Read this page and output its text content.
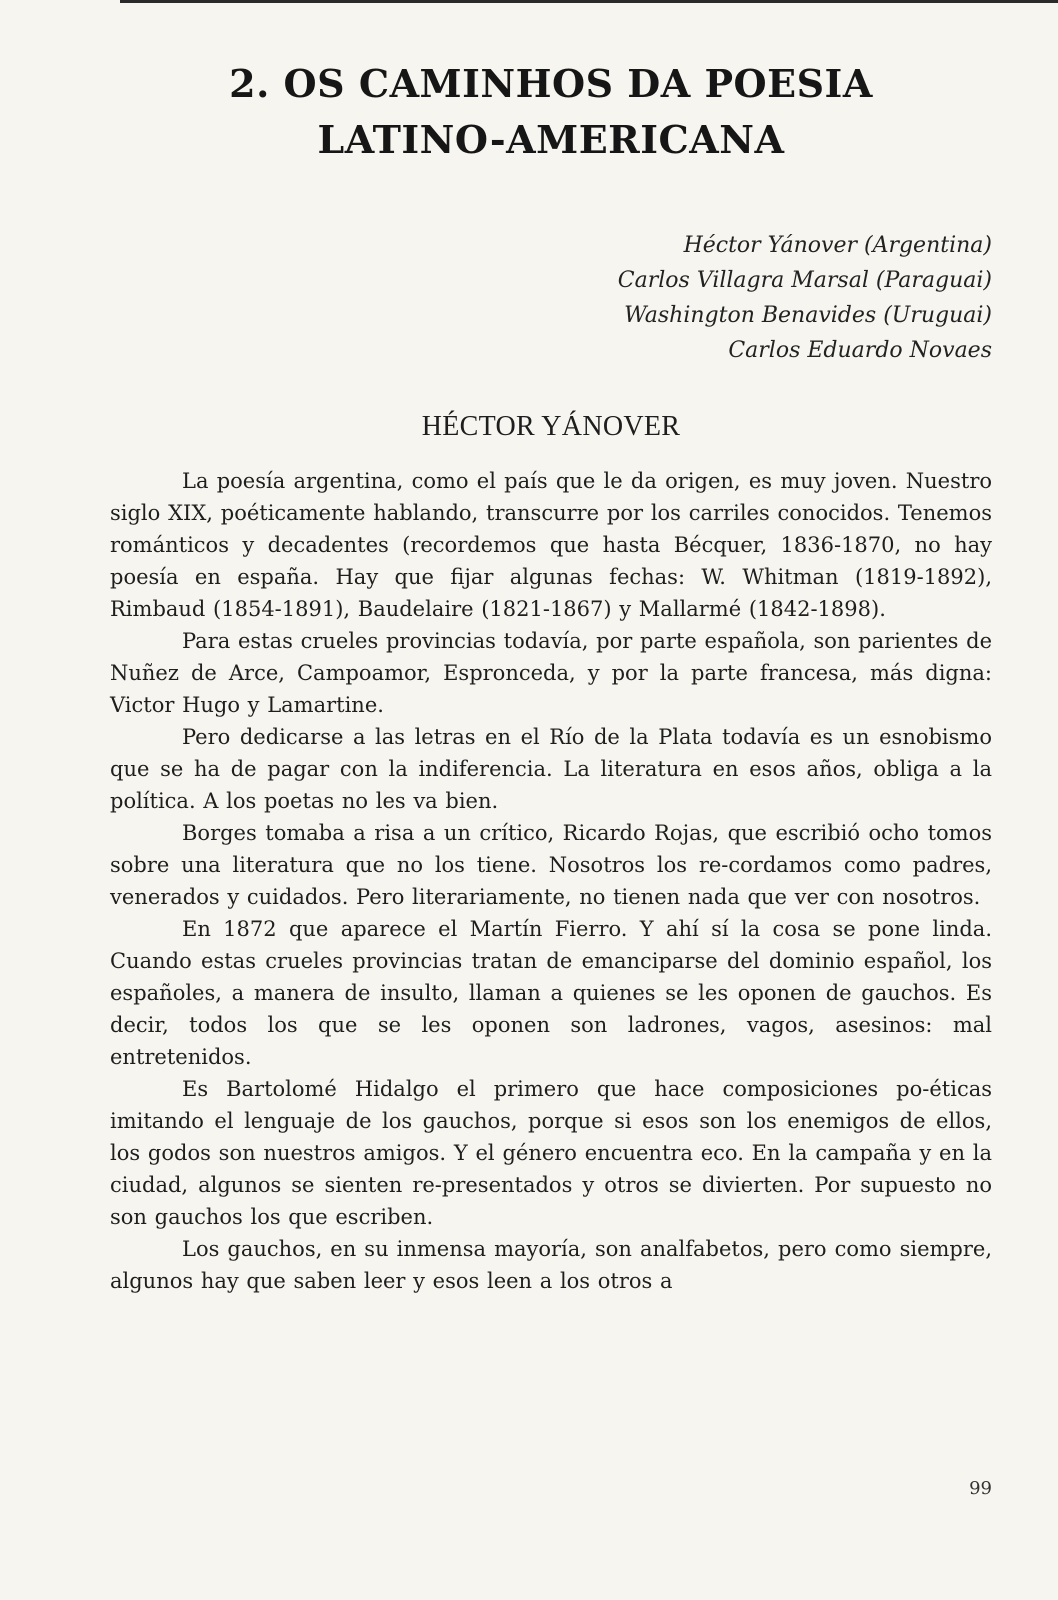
2. OS CAMINHOS DA POESIA
LATINO-AMERICANA
Héctor Yánover (Argentina)
Carlos Villagra Marsal (Paraguai)
Washington Benavides (Uruguai)
Carlos Eduardo Novaes
HÉCTOR YÁNOVER

La poesía argentina, como el país que le da origen, es muy joven. Nuestro siglo XIX, poéticamente hablando, transcurre por los carriles conocidos. Tenemos románticos y decadentes (recordemos que hasta Bécquer, 1836-1870, no hay poesía en españa. Hay que fijar algunas fechas: W. Whitman (1819-1892), Rimbaud (1854-1891), Baudelaire (1821-1867) y Mallarmé (1842-1898).

Para estas crueles provincias todavía, por parte española, son parientes de Nuñez de Arce, Campoamor, Espronceda, y por la parte francesa, más digna: Victor Hugo y Lamartine.

Pero dedicarse a las letras en el Río de la Plata todavía es un esnobismo que se ha de pagar con la indiferencia. La literatura en esos años, obliga a la política. A los poetas no les va bien.

Borges tomaba a risa a un crítico, Ricardo Rojas, que escribió ocho tomos sobre una literatura que no los tiene. Nosotros los re-cordamos como padres, venerados y cuidados. Pero literariamente, no tienen nada que ver con nosotros.

En 1872 que aparece el Martín Fierro. Y ahí sí la cosa se pone linda. Cuando estas crueles provincias tratan de emanciparse del dominio español, los españoles, a manera de insulto, llaman a quienes se les oponen de gauchos. Es decir, todos los que se les oponen son ladrones, vagos, asesinos: mal entretenidos.

Es Bartolomé Hidalgo el primero que hace composiciones po-éticas imitando el lenguaje de los gauchos, porque si esos son los enemigos de ellos, los godos son nuestros amigos. Y el género encuentra eco. En la campaña y en la ciudad, algunos se sienten re-presentados y otros se divierten. Por supuesto no son gauchos los que escriben.

Los gauchos, en su inmensa mayoría, son analfabetos, pero como siempre, algunos hay que saben leer y esos leen a los otros a

99
